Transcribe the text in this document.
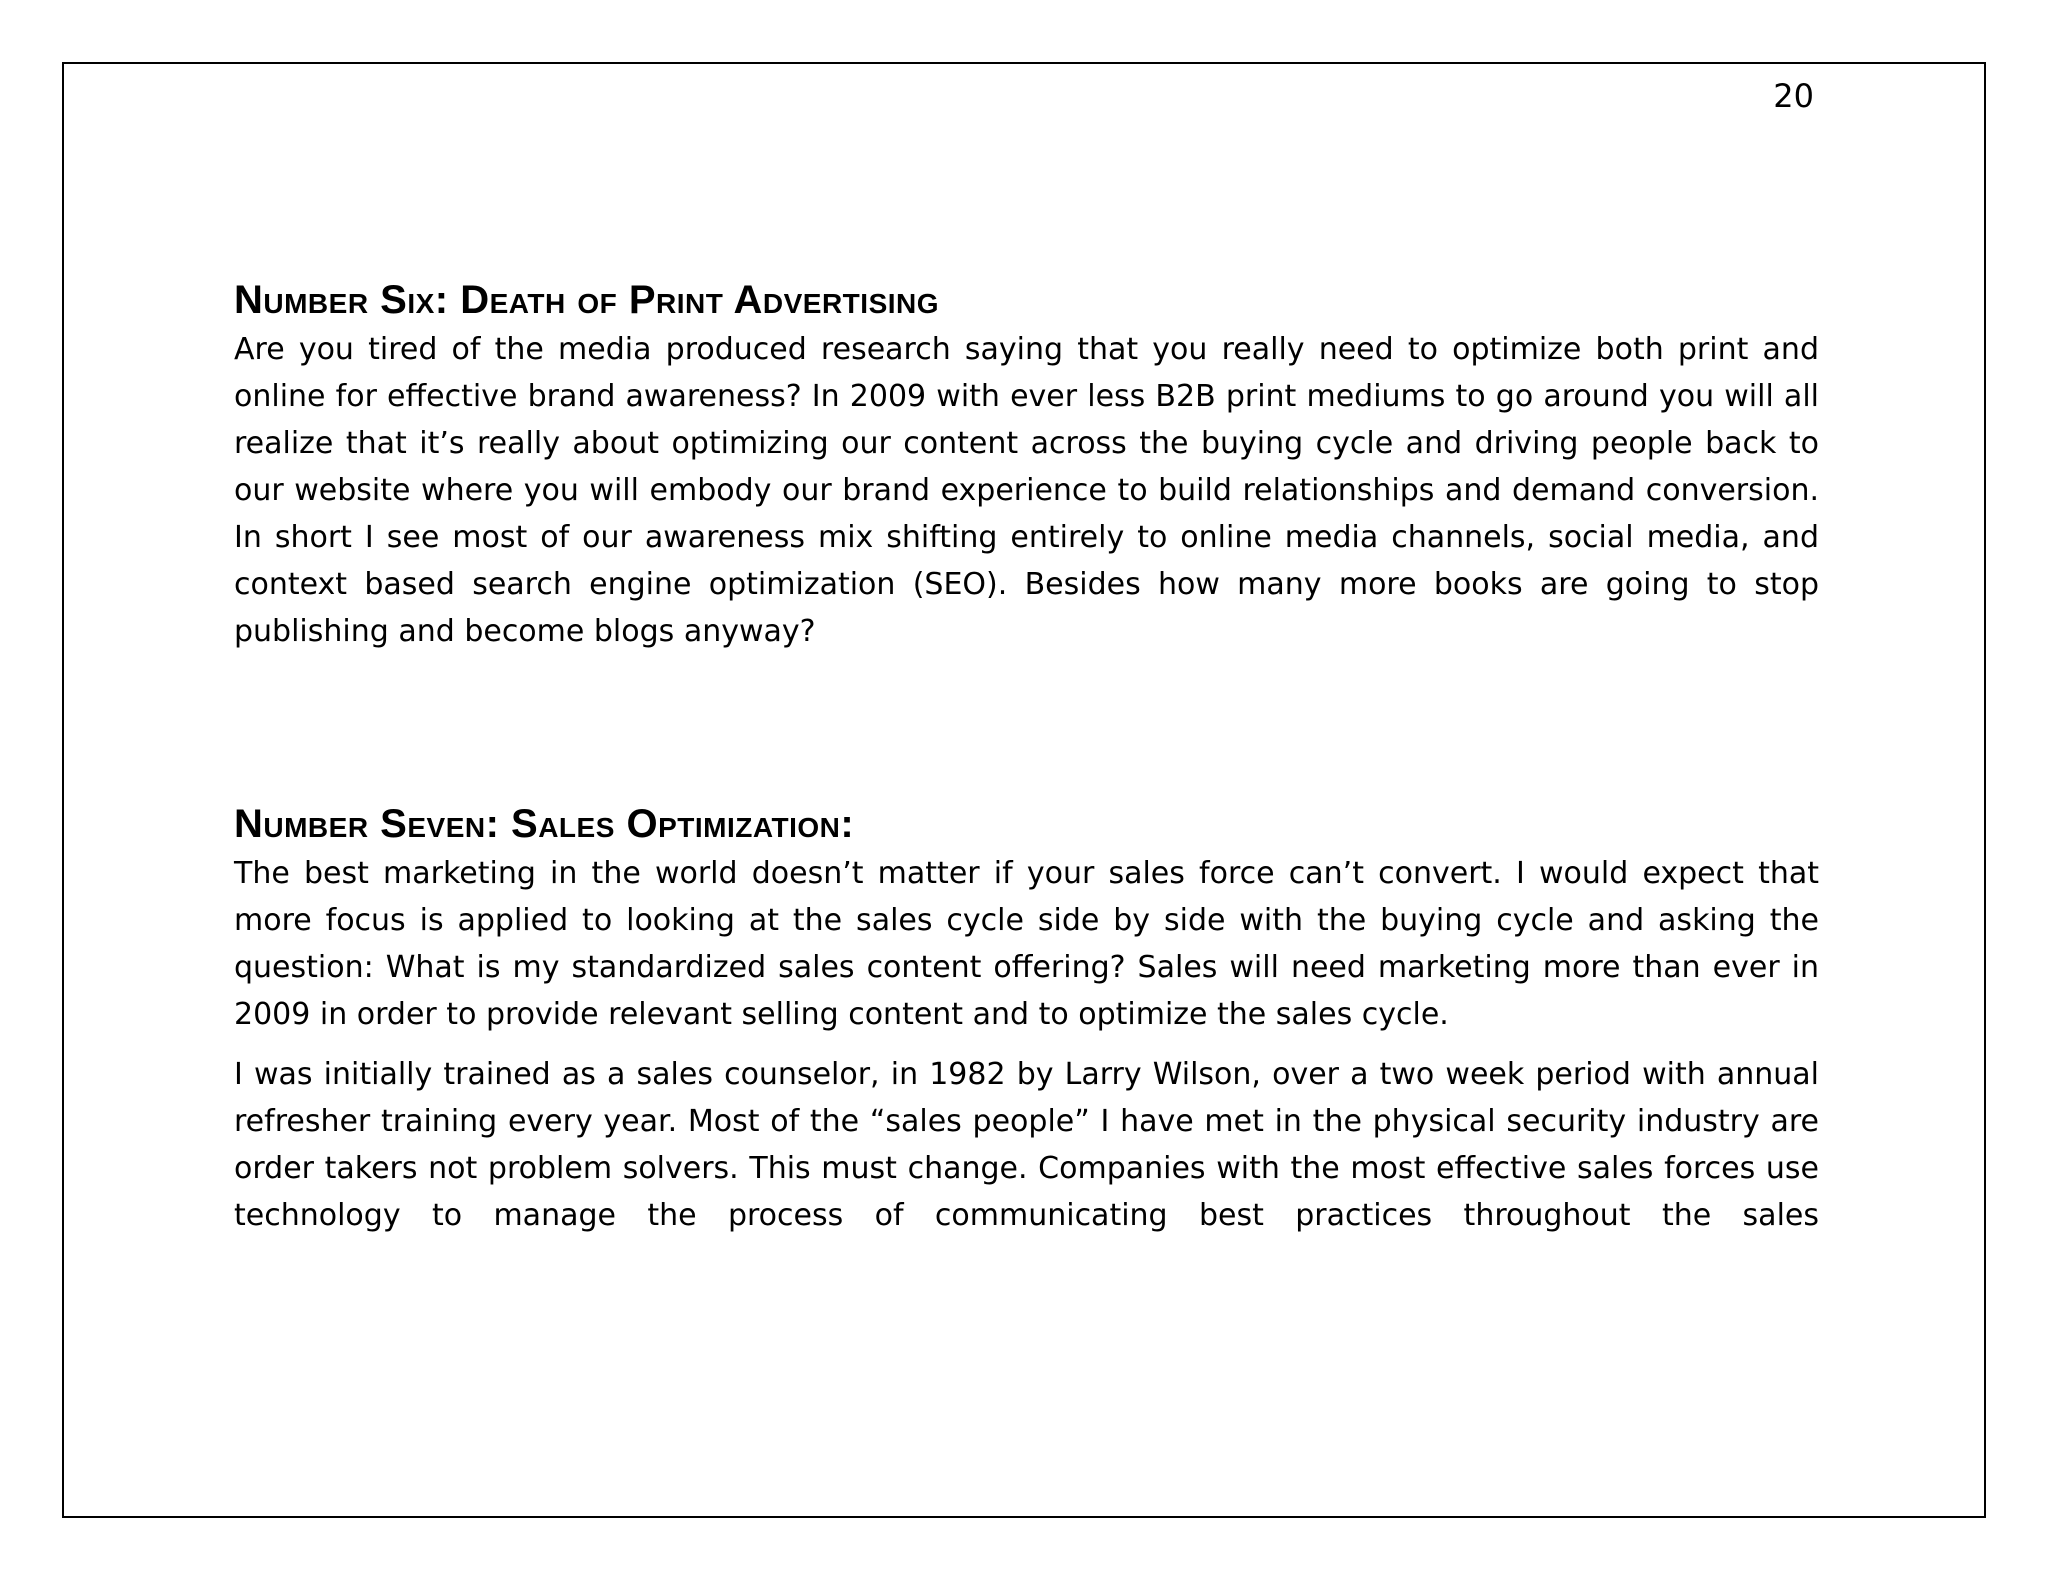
20
Number Six: Death of Print Advertising

Are you tired of the media produced research saying that you really need to optimize both print and online for effective brand awareness? In 2009 with ever less B2B print mediums to go around you will all realize that it’s really about optimizing our content across the buying cycle and driving people back to our website where you will embody our brand experience to build relationships and demand conversion. In short I see most of our awareness mix shifting entirely to online media channels, social media, and context based search engine optimization (SEO). Besides how many more books are going to stop publishing and become blogs anyway?

Number Seven: Sales Optimization:

The best marketing in the world doesn’t matter if your sales force can’t convert. I would expect that more focus is applied to looking at the sales cycle side by side with the buying cycle and asking the question: What is my standardized sales content offering? Sales will need marketing more than ever in 2009 in order to provide relevant selling content and to optimize the sales cycle.

I was initially trained as a sales counselor, in 1982 by Larry Wilson, over a two week period with annual refresher training every year. Most of the “sales people” I have met in the physical security industry are order takers not problem solvers. This must change. Companies with the most effective sales forces use technology to manage the process of communicating best practices throughout the sales
